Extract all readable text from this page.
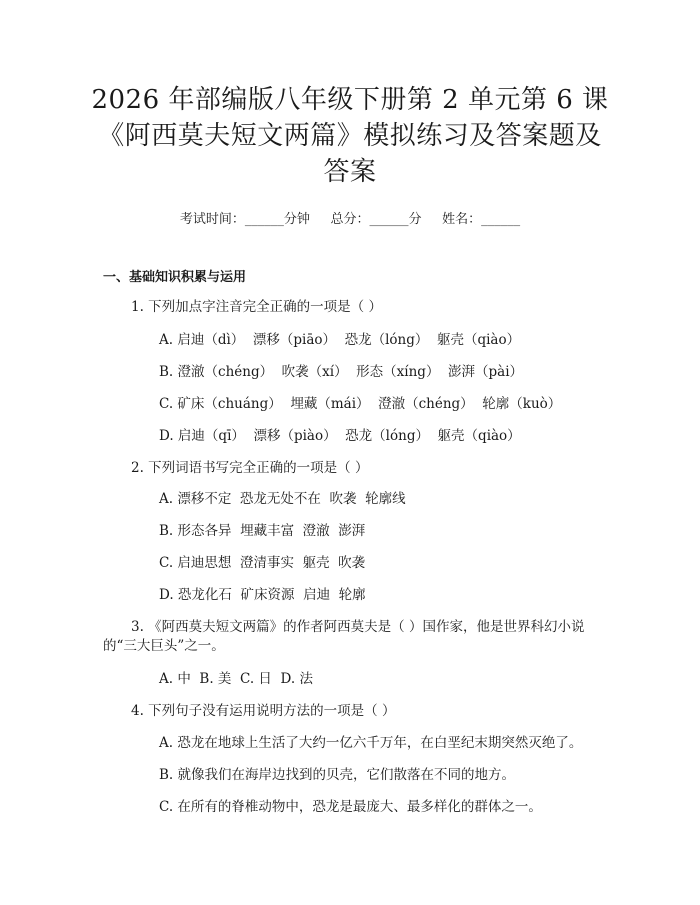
2026 年部编版八年级下册第 2 单元第 6 课
《阿西莫夫短文两篇》模拟练习及答案题及
答案
考试时间：______分钟     总分：______分     姓名：______
一、基础知识积累与运用
1. 下列加点字注音完全正确的一项是（ ）
A. 启迪（dì）  漂移（piāo）  恐龙（lóng）  躯壳（qiào）
B. 澄澈（chéng）  吹袭（xí）  形态（xíng）  澎湃（pài）
C. 矿床（chuáng）  埋藏（mái）  澄澈（chéng）  轮廓（kuò）
D. 启迪（qī）  漂移（piào）  恐龙（lóng）  躯壳（qiào）
2. 下列词语书写完全正确的一项是（ ）
A. 漂移不定  恐龙无处不在  吹袭  轮廓线
B. 形态各异  埋藏丰富  澄澈  澎湃
C. 启迪思想  澄清事实  躯壳  吹袭
D. 恐龙化石  矿床资源  启迪  轮廓
3. 《阿西莫夫短文两篇》的作者阿西莫夫是（ ）国作家，他是世界科幻小说
的“三大巨头”之一。
A. 中  B. 美  C. 日  D. 法
4. 下列句子没有运用说明方法的一项是（ ）
A. 恐龙在地球上生活了大约一亿六千万年，在白垩纪末期突然灭绝了。
B. 就像我们在海岸边找到的贝壳，它们散落在不同的地方。
C. 在所有的脊椎动物中，恐龙是最庞大、最多样化的群体之一。
